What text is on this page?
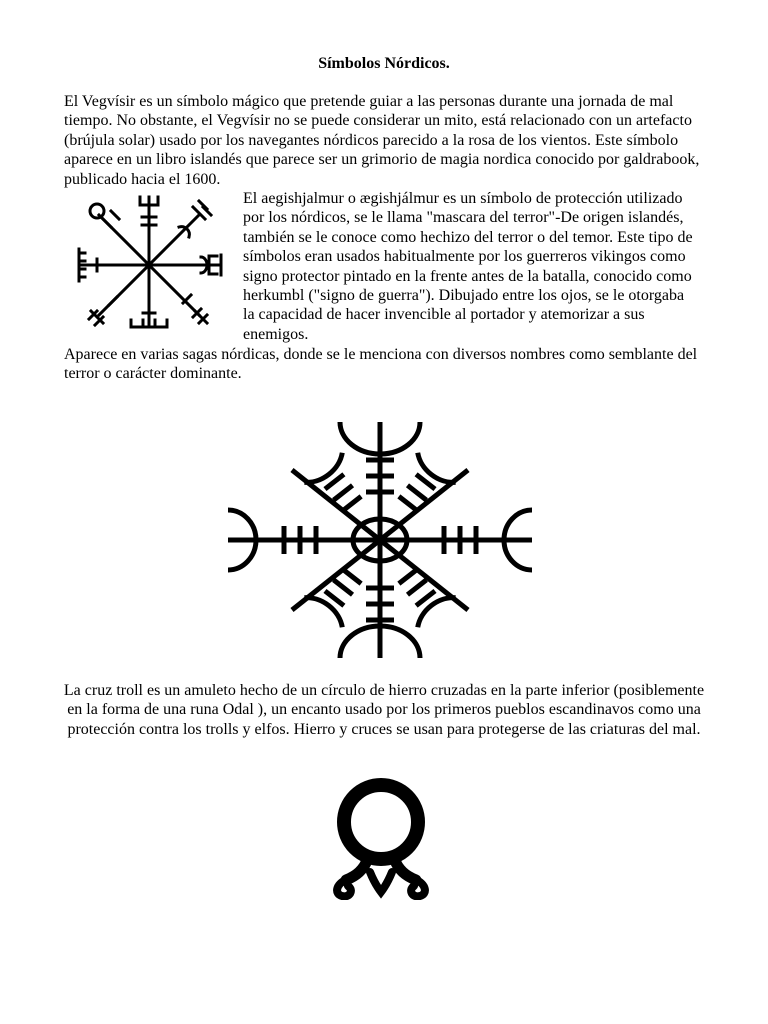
Símbolos Nórdicos.

El Vegvísir es un símbolo mágico que pretende guiar a las personas durante una jornada de mal tiempo. No obstante, el Vegvísir no se puede considerar un mito, está relacionado con un artefacto (brújula solar) usado por los navegantes nórdicos parecido a la rosa de los vientos. Este símbolo aparece en un libro islandés que parece ser un grimorio de magia nordica conocido por galdrabook, publicado hacia el 1600.

El aegishjalmur o ægishjálmur es un símbolo de protección utilizado por los nórdicos, se le llama "mascara del terror"-De origen islandés, también se le conoce como hechizo del terror o del temor. Este tipo de símbolos eran usados habitualmente por los guerreros vikingos como signo protector pintado en la frente antes de la batalla, conocido como herkumbl ("signo de guerra"). Dibujado entre los ojos, se le otorgaba la capacidad de hacer invencible al portador y atemorizar a sus enemigos.

Aparece en varias sagas nórdicas, donde se le menciona con diversos nombres como semblante del terror o carácter dominante.

La cruz troll es un amuleto hecho de un círculo de hierro cruzadas en la parte inferior (posiblemente en la forma de una runa Odal ), un encanto usado por los primeros pueblos escandinavos como una protección contra los trolls y elfos. Hierro y cruces se usan para protegerse de las criaturas del mal.
